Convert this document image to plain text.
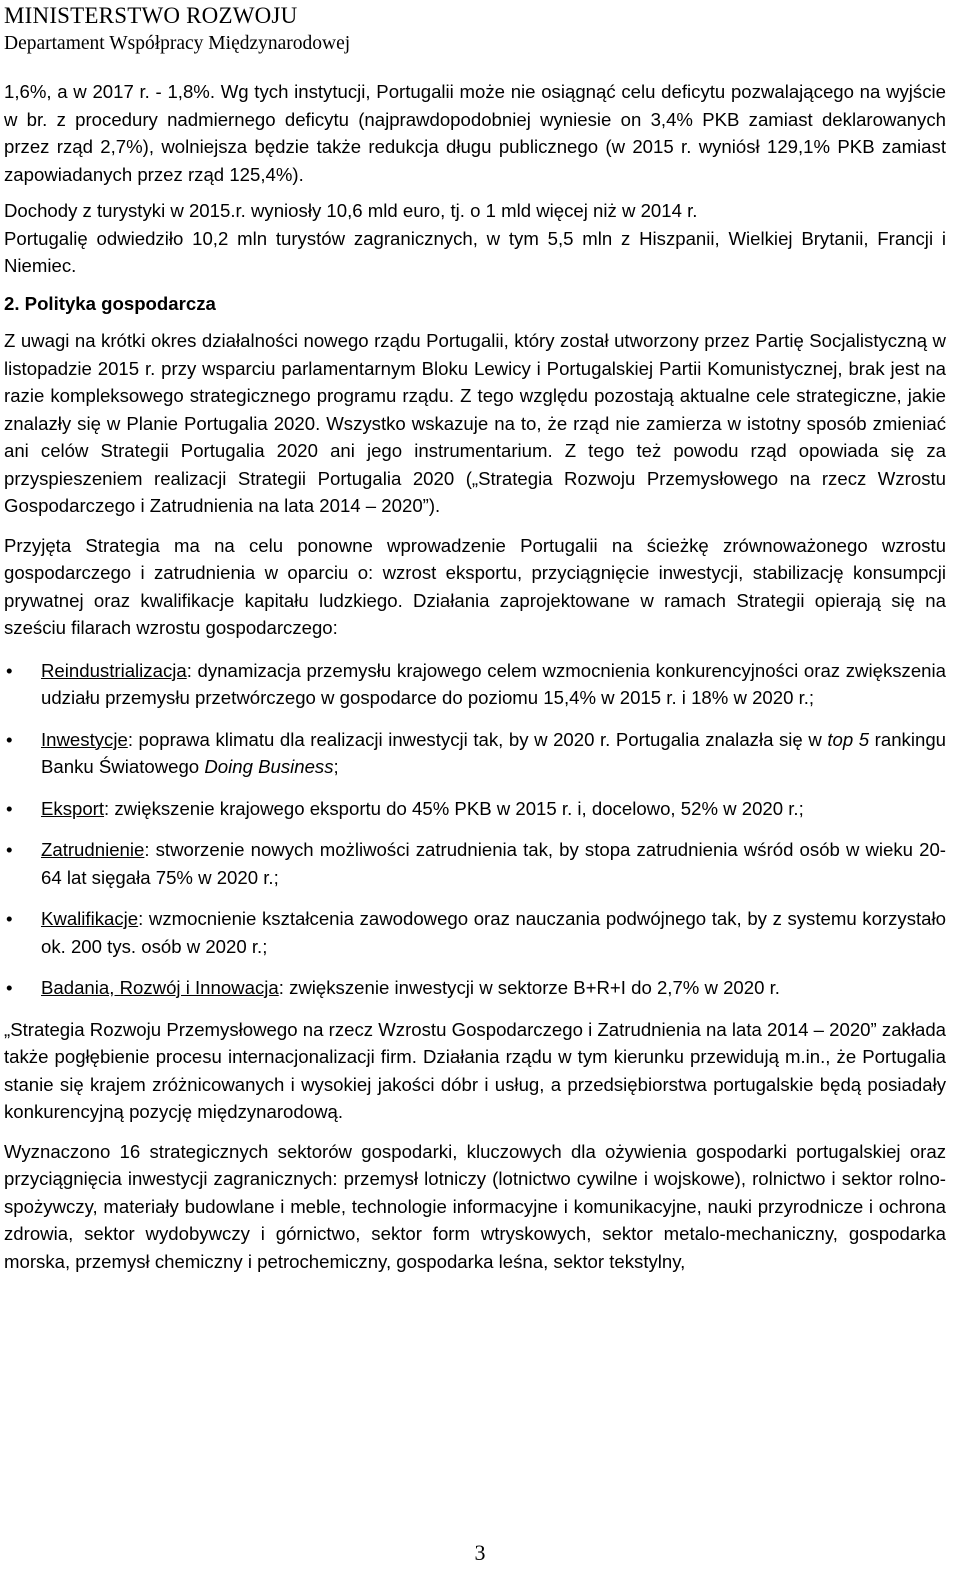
MINISTERSTWO ROZWOJU
Departament Współpracy Międzynarodowej

1,6%, a w 2017 r. - 1,8%. Wg tych instytucji, Portugalii może nie osiągnąć celu deficytu pozwalającego na wyjście w br. z procedury nadmiernego deficytu (najprawdopodobniej wyniesie on 3,4% PKB zamiast deklarowanych przez rząd 2,7%), wolniejsza będzie także redukcja długu publicznego (w 2015 r. wyniósł 129,1% PKB zamiast zapowiadanych przez rząd 125,4%).

Dochody z turystyki w 2015.r. wyniosły 10,6 mld euro, tj. o 1 mld więcej niż w 2014 r.

Portugalię odwiedziło 10,2 mln turystów zagranicznych, w tym 5,5 mln z Hiszpanii, Wielkiej Brytanii, Francji i Niemiec.

2. Polityka gospodarcza

Z uwagi na krótki okres działalności nowego rządu Portugalii, który został utworzony przez Partię Socjalistyczną w listopadzie 2015 r. przy wsparciu parlamentarnym Bloku Lewicy i Portugalskiej Partii Komunistycznej, brak jest na razie kompleksowego strategicznego programu rządu. Z tego względu pozostają aktualne cele strategiczne, jakie znalazły się w Planie Portugalia 2020. Wszystko wskazuje na to, że rząd nie zamierza w istotny sposób zmieniać ani celów Strategii Portugalia 2020 ani jego instrumentarium. Z tego też powodu rząd opowiada się za przyspieszeniem realizacji Strategii Portugalia 2020 („Strategia Rozwoju Przemysłowego na rzecz Wzrostu Gospodarczego i Zatrudnienia na lata 2014 – 2020”).

Przyjęta Strategia ma na celu ponowne wprowadzenie Portugalii na ścieżkę zrównoważonego wzrostu gospodarczego i zatrudnienia w oparciu o: wzrost eksportu, przyciągnięcie inwestycji, stabilizację konsumpcji prywatnej oraz kwalifikacje kapitału ludzkiego. Działania zaprojektowane w ramach Strategii opierają się na sześciu filarach wzrostu gospodarczego:

• Reindustrializacja: dynamizacja przemysłu krajowego celem wzmocnienia konkurencyjności oraz zwiększenia udziału przemysłu przetwórczego w gospodarce do poziomu 15,4% w 2015 r. i 18% w 2020 r.;
• Inwestycje: poprawa klimatu dla realizacji inwestycji tak, by w 2020 r. Portugalia znalazła się w top 5 rankingu Banku Światowego Doing Business;
• Eksport: zwiększenie krajowego eksportu do 45% PKB w 2015 r. i, docelowo, 52% w 2020 r.;
• Zatrudnienie: stworzenie nowych możliwości zatrudnienia tak, by stopa zatrudnienia wśród osób w wieku 20-64 lat sięgała 75% w 2020 r.;
• Kwalifikacje: wzmocnienie kształcenia zawodowego oraz nauczania podwójnego tak, by z systemu korzystało ok. 200 tys. osób w 2020 r.;
• Badania, Rozwój i Innowacja: zwiększenie inwestycji w sektorze B+R+I do 2,7% w 2020 r.

„Strategia Rozwoju Przemysłowego na rzecz Wzrostu Gospodarczego i Zatrudnienia na lata 2014 – 2020” zakłada także pogłębienie procesu internacjonalizacji firm. Działania rządu w tym kierunku przewidują m.in., że Portugalia stanie się krajem zróżnicowanych i wysokiej jakości dóbr i usług, a przedsiębiorstwa portugalskie będą posiadały konkurencyjną pozycję międzynarodową.

Wyznaczono 16 strategicznych sektorów gospodarki, kluczowych dla ożywienia gospodarki portugalskiej oraz przyciągnięcia inwestycji zagranicznych: przemysł lotniczy (lotnictwo cywilne i wojskowe), rolnictwo i sektor rolno-spożywczy, materiały budowlane i meble, technologie informacyjne i komunikacyjne, nauki przyrodnicze i ochrona zdrowia, sektor wydobywczy i górnictwo, sektor form wtryskowych, sektor metalo-mechaniczny, gospodarka morska, przemysł chemiczny i petrochemiczny, gospodarka leśna, sektor tekstylny,

3
